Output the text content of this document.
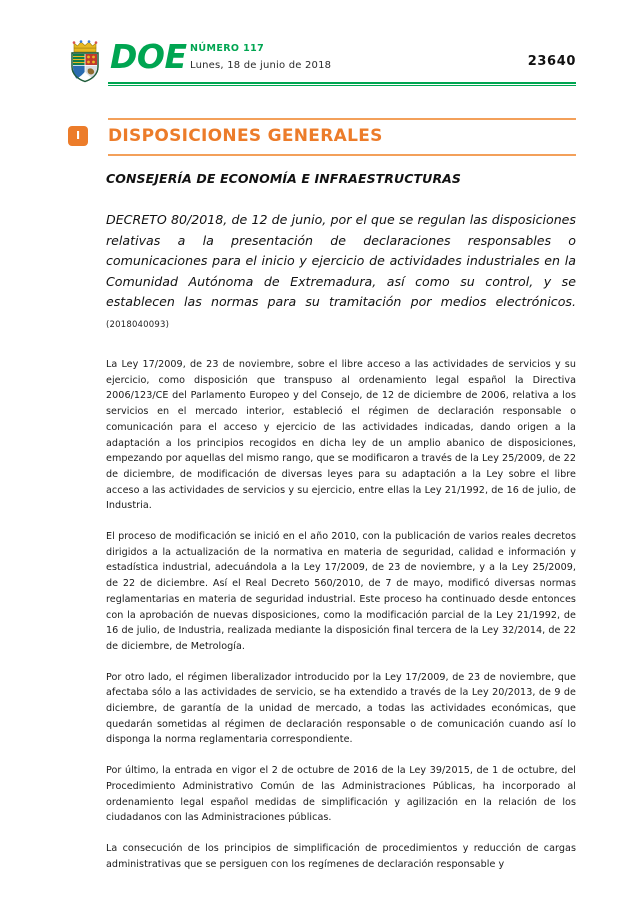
DOE NÚMERO 117
Lunes, 18 de junio de 2018	23640
I	DISPOSICIONES GENERALES
CONSEJERÍA DE ECONOMÍA E INFRAESTRUCTURAS
DECRETO 80/2018, de 12 de junio, por el que se regulan las disposiciones relativas a la presentación de declaraciones responsables o comunicaciones para el inicio y ejercicio de actividades industriales en la Comunidad Autónoma de Extremadura, así como su control, y se establecen las normas para su tramitación por medios electrónicos. (2018040093)

La Ley 17/2009, de 23 de noviembre, sobre el libre acceso a las actividades de servicios y su ejercicio, como disposición que transpuso al ordenamiento legal español la Directiva 2006/123/CE del Parlamento Europeo y del Consejo, de 12 de diciembre de 2006, relativa a los servicios en el mercado interior, estableció el régimen de declaración responsable o comunicación para el acceso y ejercicio de las actividades indicadas, dando origen a la adaptación a los principios recogidos en dicha ley de un amplio abanico de disposiciones, empezando por aquellas del mismo rango, que se modificaron a través de la Ley 25/2009, de 22 de diciembre, de modificación de diversas leyes para su adaptación a la Ley sobre el libre acceso a las actividades de servicios y su ejercicio, entre ellas la Ley 21/1992, de 16 de julio, de Industria.

El proceso de modificación se inició en el año 2010, con la publicación de varios reales decretos dirigidos a la actualización de la normativa en materia de seguridad, calidad e información y estadística industrial, adecuándola a la Ley 17/2009, de 23 de noviembre, y a la Ley 25/2009, de 22 de diciembre. Así el Real Decreto 560/2010, de 7 de mayo, modificó diversas normas reglamentarias en materia de seguridad industrial. Este proceso ha continuado desde entonces con la aprobación de nuevas disposiciones, como la modificación parcial de la Ley 21/1992, de 16 de julio, de Industria, realizada mediante la disposición final tercera de la Ley 32/2014, de 22 de diciembre, de Metrología.

Por otro lado, el régimen liberalizador introducido por la Ley 17/2009, de 23 de noviembre, que afectaba sólo a las actividades de servicio, se ha extendido a través de la Ley 20/2013, de 9 de diciembre, de garantía de la unidad de mercado, a todas las actividades económicas, que quedarán sometidas al régimen de declaración responsable o de comunicación cuando así lo disponga la norma reglamentaria correspondiente.

Por último, la entrada en vigor el 2 de octubre de 2016 de la Ley 39/2015, de 1 de octubre, del Procedimiento Administrativo Común de las Administraciones Públicas, ha incorporado al ordenamiento legal español medidas de simplificación y agilización en la relación de los ciudadanos con las Administraciones públicas.

La consecución de los principios de simplificación de procedimientos y reducción de cargas administrativas que se persiguen con los regímenes de declaración responsable y
